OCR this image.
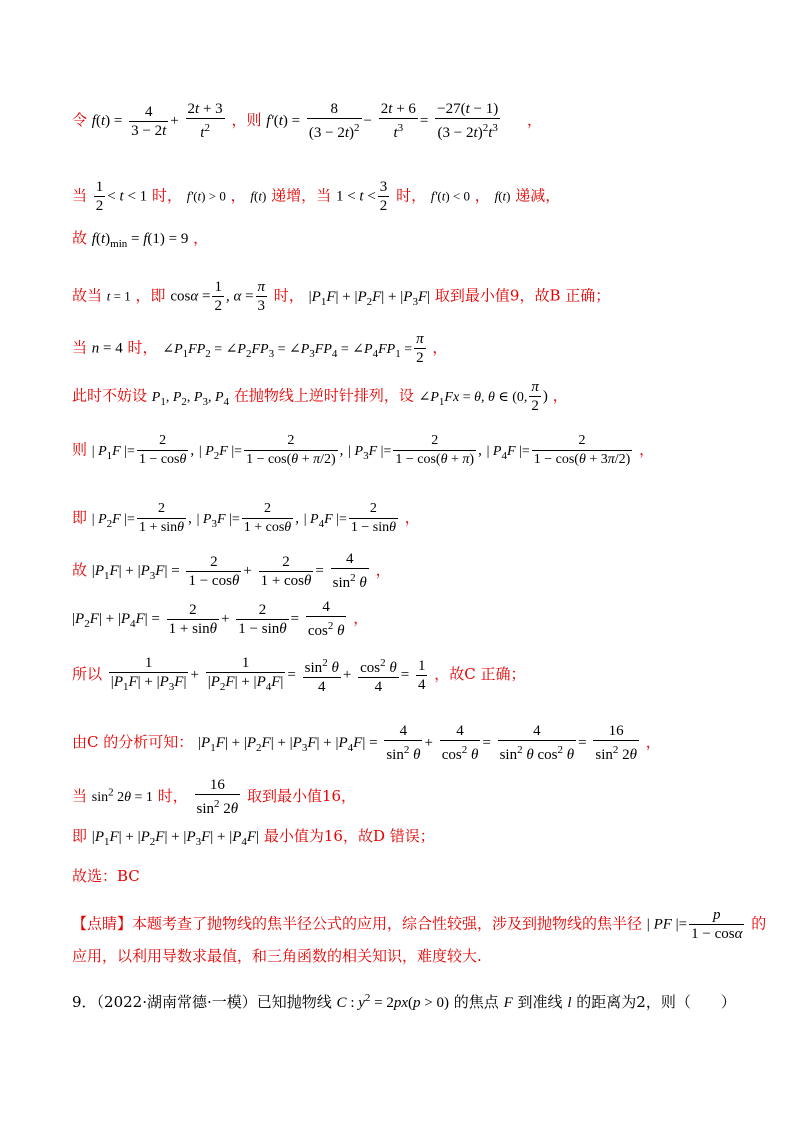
令 $f(t) = \frac{4}{3 - 2t} + \frac{2t + 3}{t^2}$ ，则 $f'(t) = \frac{8}{(3 - 2t)^2} - \frac{2t + 6}{t^3} = \frac{-27(t - 1)}{(3 - 2t)^2t^3}$ ，
当 $\frac{1}{2} < t < 1$ 时， f′(t) > 0 ， f(t) 递增，当 $1 < t < \frac{3}{2}$ 时， f′(t) < 0 ， f(t) 递减，
故 $f(t)_{min} = f(1) = 9$ ，
故当 t = 1 ，即 $\cos\alpha = \frac{1}{2}$ , $\alpha = \frac{\pi}{3}$ 时， $|P_1F| + |P_2F| + |P_3F|$ 取到最小值9，故B 正确；
当 n = 4 时， $\angle P_1FP_2$ = $\angle P_2FP_3$ = $\angle P_3FP_4$ = $\angle P_4FP_1 = \frac{\pi}{2}$ ，
此时不妨设 $P_1$, $P_2$, $P_3$, $P_4$ 在抛物线上逆时针排列，设 $\angle P_1Fx = \theta$, θ ∈ (0, $\frac{\pi}{2}$ ) ，
则 | $P_1F$ |= $\frac{2}{1 - \cos\theta}$ , | $P_2F$ |= $\frac{2}{1 - \cos(\theta + \pi/2)}$ , | $P_3F$ |= $\frac{2}{1 - \cos(\theta + \pi)}$ , | $P_4F$ |= $\frac{2}{1 - \cos(\theta + 3\pi/2)}$ ，
即 | $P_2F$ |= $\frac{2}{1 + \sin\theta}$ , | $P_3F$ |= $\frac{2}{1 + \cos\theta}$ , | $P_4F$ |= $\frac{2}{1 - \sin\theta}$ ，
故 $|P_1F| + |P_3F| = \frac{2}{1 - \cos\theta} + \frac{2}{1 + \cos\theta} = \frac{4}{\sin^2 \theta}$ ，
$|P_2F| + |P_4F| = \frac{2}{1 + \sin\theta} + \frac{2}{1 - \sin\theta} = \frac{4}{\cos^2 \theta}$ ，
所以 $\frac{1}{|P_1F| + |P_3F|} + \frac{1}{|P_2F| + |P_4F|} = \frac{\sin^2 \theta}{4} + \frac{\cos^2 \theta}{4} = \frac{1}{4}$ ，故C 正确；
由C 的分析可知： $|P_1F| + |P_2F| + |P_3F| + |P_4F| = \frac{4}{\sin^2 \theta} + \frac{4}{\cos^2 \theta} = \frac{4}{\sin^2 \theta \cos^2 \theta} = \frac{16}{\sin^2 2\theta}$ ，
当 $\sin^2 2\theta = 1$ 时， $\frac{16}{\sin^2 2\theta}$ 取到最小值16，
即 $|P_1F| + |P_2F| + |P_3F| + |P_4F|$ 最小值为16，故D 错误；
故选：BC
【点睛】本题考查了抛物线的焦半径公式的应用，综合性较强，涉及到抛物线的焦半径 | PF |= $\frac{p}{1 - \cos\alpha}$ 的
应用，以利用导数求最值，和三角函数的相关知识，难度较大.
9．（2022·湖南常德·一模）已知抛物线 C : $y^2 = 2px(p > 0)$ 的焦点 F 到准线 l 的距离为2，则（　　）
